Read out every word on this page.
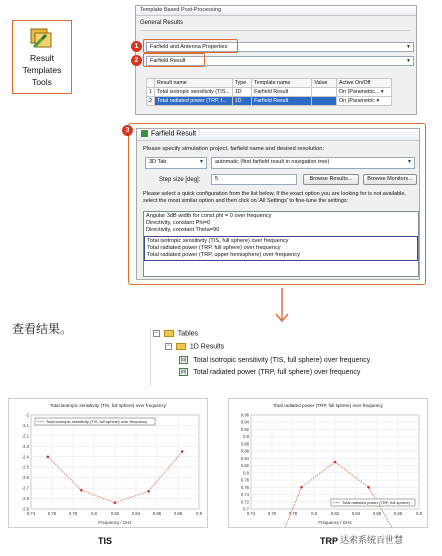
Result
Templates
Tools
Template Based Post-Processing
General Results
Farfield and Antenna Properties	▼
Farfield Result	▼
	Result name	Type	Template name	Value	Active On/Off
1	Total isotropic sensitivity (TIS...	1D	Farfield Result		On (Parametric... ▾
2	Total radiated power (TRP, f...	1D	Farfield Result		On (Parametric ▾
1
2
3	Farfield Result
Please specify simulation project, farfield name and desired resolution:
3D Tab	▼	automatic (first farfield result in navigation tree)	▼
Step size [deg]:	5	Browse Results...	Browse Monitors...
Please select a quick configuration from the list below. If the exact option you are looking for is not available, select the most similar option and then click on 'All Settings' to fine-tune the settings:
Angular 3dB width for const phi = 0 over frequency
Directivity, constant Phi=0
Directivity, constant Theta=90
Total isotropic sensitivity (TIS, full sphere) over frequency
Total radiated power (TRP, full sphere) over frequency
Total radiated power (TRP, upper hemisphere) over frequency
查看结果。	−	Tables
−	1D Results
|o| Total isotropic sensitivity (TIS, full sphere) over frequency
|o| Total radiated power (TRP, full sphere) over frequency
Total isotropic sensitivity (TIS, full sphere) over frequency
-2
-2.1
-2.2
-2.3
-2.4
-2.5
-2.6
-2.7
-2.8
-2.9
0.74	0.76	0.78	0.8	0.82	0.84	0.86	0.88	0.9
Frequency / GHz
Total isotropic sensitivity (TIS, full sphere) over frequency
TIS
Total radiated power (TRP, full sphere) over frequency
0.96
0.94
0.92
0.9
0.88
0.86
0.84
0.82
0.8
0.78
0.76
0.74
0.72
0.7
0.74	0.76	0.78	0.8	0.82	0.84	0.86	0.88	0.9
Frequency / GHz
Total radiated power (TRP, full sphere)
TRP 达索系统百世慧
